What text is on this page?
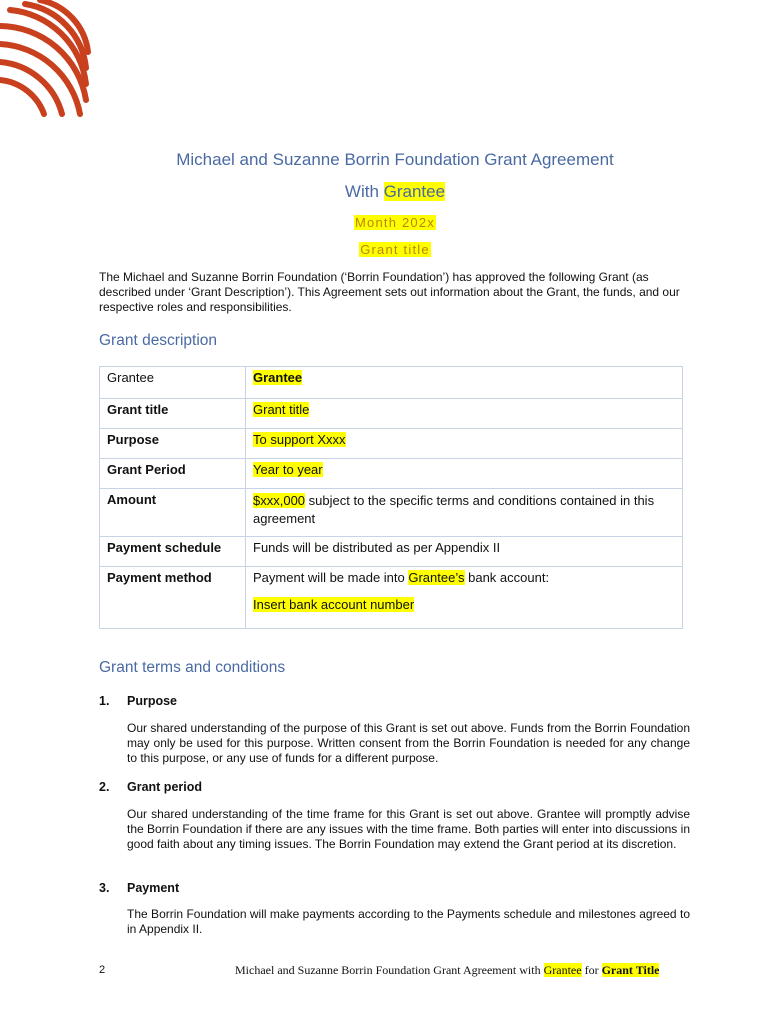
Michael and Suzanne Borrin Foundation Grant Agreement
With Grantee
Month 202x
Grant title
The Michael and Suzanne Borrin Foundation (‘Borrin Foundation’) has approved the following Grant (as described under ‘Grant Description’). This Agreement sets out information about the Grant, the funds, and our respective roles and responsibilities.
Grant description
Grantee	Grantee
Grant title	Grant title
Purpose	To support Xxxx
Grant Period	Year to year
Amount	$xxx,000 subject to the specific terms and conditions contained in this agreement
Payment schedule	Funds will be distributed as per Appendix II
Payment method	Payment will be made into Grantee’s bank account:
Insert bank account number
Grant terms and conditions
1. Purpose
Our shared understanding of the purpose of this Grant is set out above. Funds from the Borrin Foundation may only be used for this purpose. Written consent from the Borrin Foundation is needed for any change to this purpose, or any use of funds for a different purpose.
2. Grant period
Our shared understanding of the time frame for this Grant is set out above. Grantee will promptly advise the Borrin Foundation if there are any issues with the time frame. Both parties will enter into discussions in good faith about any timing issues. The Borrin Foundation may extend the Grant period at its discretion.
3. Payment
The Borrin Foundation will make payments according to the Payments schedule and milestones agreed to in Appendix II.
2	Michael and Suzanne Borrin Foundation Grant Agreement with Grantee for Grant Title
